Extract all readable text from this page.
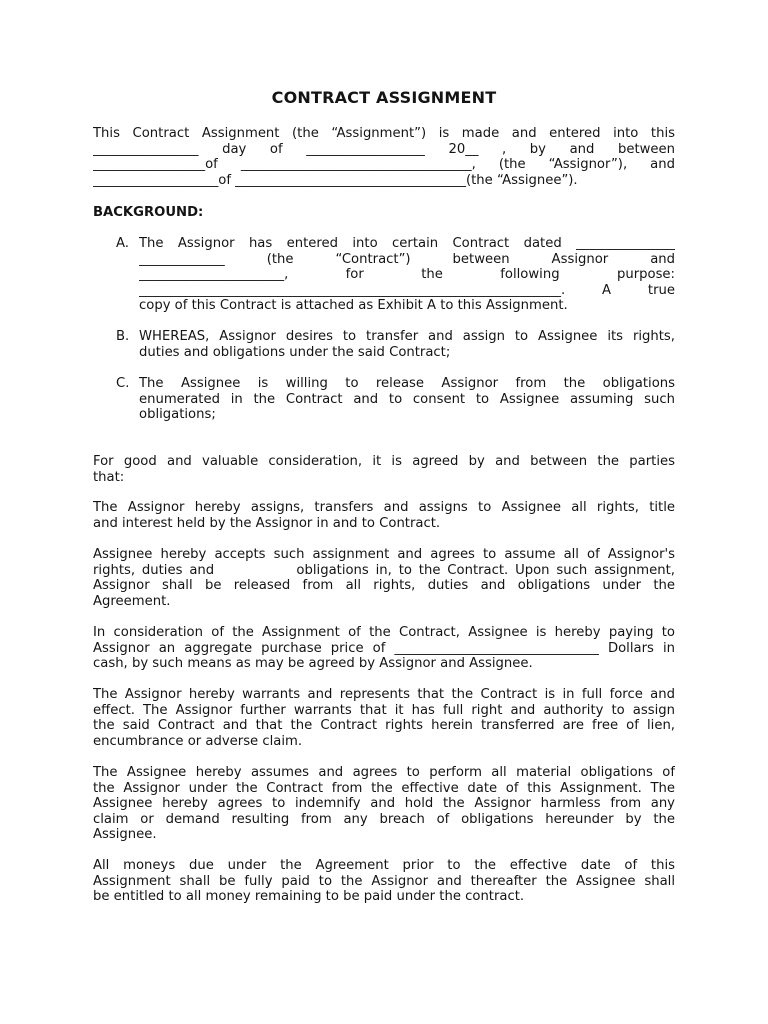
CONTRACT ASSIGNMENT
This Contract Assignment (the “Assignment”) is made and entered into this
________________ day of __________________ 20__ , by and between
_________________of ___________________________________, (the “Assignor”), and
___________________of ___________________________________(the “Assignee”).
BACKGROUND:
A. The Assignor has entered into certain Contract dated _______________
_____________ (the “Contract”) between Assignor and
______________________, for the following purpose:
________________________________________________________________. A true
copy of this Contract is attached as Exhibit A to this Assignment.
B. WHEREAS, Assignor desires to transfer and assign to Assignee its rights,
duties and obligations under the said Contract;
C. The Assignee is willing to release Assignor from the obligations
enumerated in the Contract and to consent to Assignee assuming such
obligations;
For good and valuable consideration, it is agreed by and between the parties
that:
The Assignor hereby assigns, transfers and assigns to Assignee all rights, title
and interest held by the Assignor in and to Contract.
Assignee hereby accepts such assignment and agrees to assume all of Assignor's
rights, duties and            obligations in, to the Contract. Upon such assignment,
Assignor shall be released from all rights, duties and obligations under the
Agreement.
In consideration of the Assignment of the Contract, Assignee is hereby paying to
Assignor an aggregate purchase price of _______________________________ Dollars in
cash, by such means as may be agreed by Assignor and Assignee.
The Assignor hereby warrants and represents that the Contract is in full force and
effect. The Assignor further warrants that it has full right and authority to assign
the said Contract and that the Contract rights herein transferred are free of lien,
encumbrance or adverse claim.
The Assignee hereby assumes and agrees to perform all material obligations of
the Assignor under the Contract from the effective date of this Assignment. The
Assignee hereby agrees to indemnify and hold the Assignor harmless from any
claim or demand resulting from any breach of obligations hereunder by the
Assignee.
All moneys due under the Agreement prior to the effective date of this
Assignment shall be fully paid to the Assignor and thereafter the Assignee shall
be entitled to all money remaining to be paid under the contract.
